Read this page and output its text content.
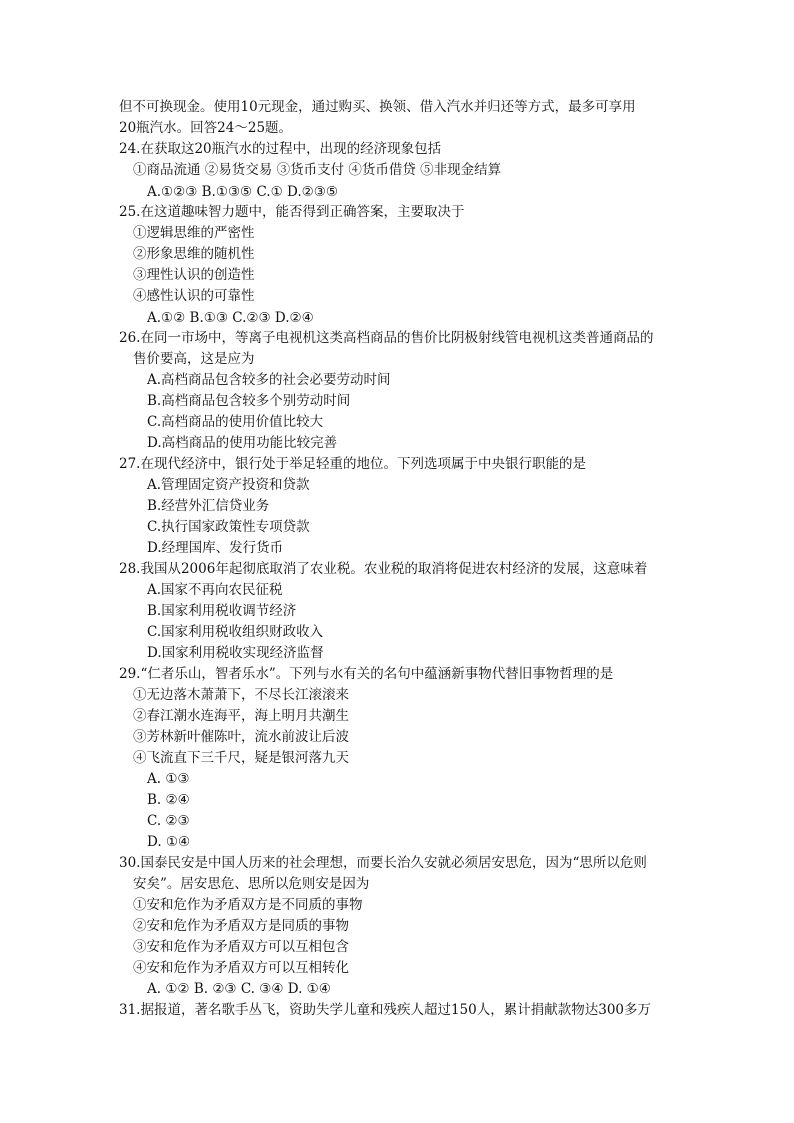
但不可换现金。使用10元现金，通过购买、换领、借入汽水并归还等方式，最多可享用
20瓶汽水。回答24～25题。
24.在获取这20瓶汽水的过程中，出现的经济现象包括
①商品流通 ②易货交易 ③货币支付 ④货币借贷 ⑤非现金结算
A.①②③ B.①③⑤ C.① D.②③⑤
25.在这道趣味智力题中，能否得到正确答案，主要取决于
①逻辑思维的严密性
②形象思维的随机性
③理性认识的创造性
④感性认识的可靠性
A.①② B.①③ C.②③ D.②④
26.在同一市场中，等离子电视机这类高档商品的售价比阴极射线管电视机这类普通商品的
售价要高，这是应为
A.高档商品包含较多的社会必要劳动时间
B.高档商品包含较多个别劳动时间
C.高档商品的使用价值比较大
D.高档商品的使用功能比较完善
27.在现代经济中，银行处于举足轻重的地位。下列选项属于中央银行职能的是
A.管理固定资产投资和贷款
B.经营外汇信贷业务
C.执行国家政策性专项贷款
D.经理国库、发行货币
28.我国从2006年起彻底取消了农业税。农业税的取消将促进农村经济的发展，这意味着
A.国家不再向农民征税
B.国家利用税收调节经济
C.国家利用税收组织财政收入
D.国家利用税收实现经济监督
29.“仁者乐山，智者乐水”。下列与水有关的名句中蕴涵新事物代替旧事物哲理的是
①无边落木萧萧下，不尽长江滚滚来
②春江潮水连海平，海上明月共潮生
③芳林新叶催陈叶，流水前波让后波
④飞流直下三千尺，疑是银河落九天
A. ①③
B. ②④
C. ②③
D. ①④
30.国泰民安是中国人历来的社会理想，而要长治久安就必须居安思危，因为“思所以危则
安矣”。居安思危、思所以危则安是因为
①安和危作为矛盾双方是不同质的事物
②安和危作为矛盾双方是同质的事物
③安和危作为矛盾双方可以互相包含
④安和危作为矛盾双方可以互相转化
A. ①② B. ②③ C. ③④ D. ①④
31.据报道，著名歌手丛飞，资助失学儿童和残疾人超过150人，累计捐献款物达300多万
